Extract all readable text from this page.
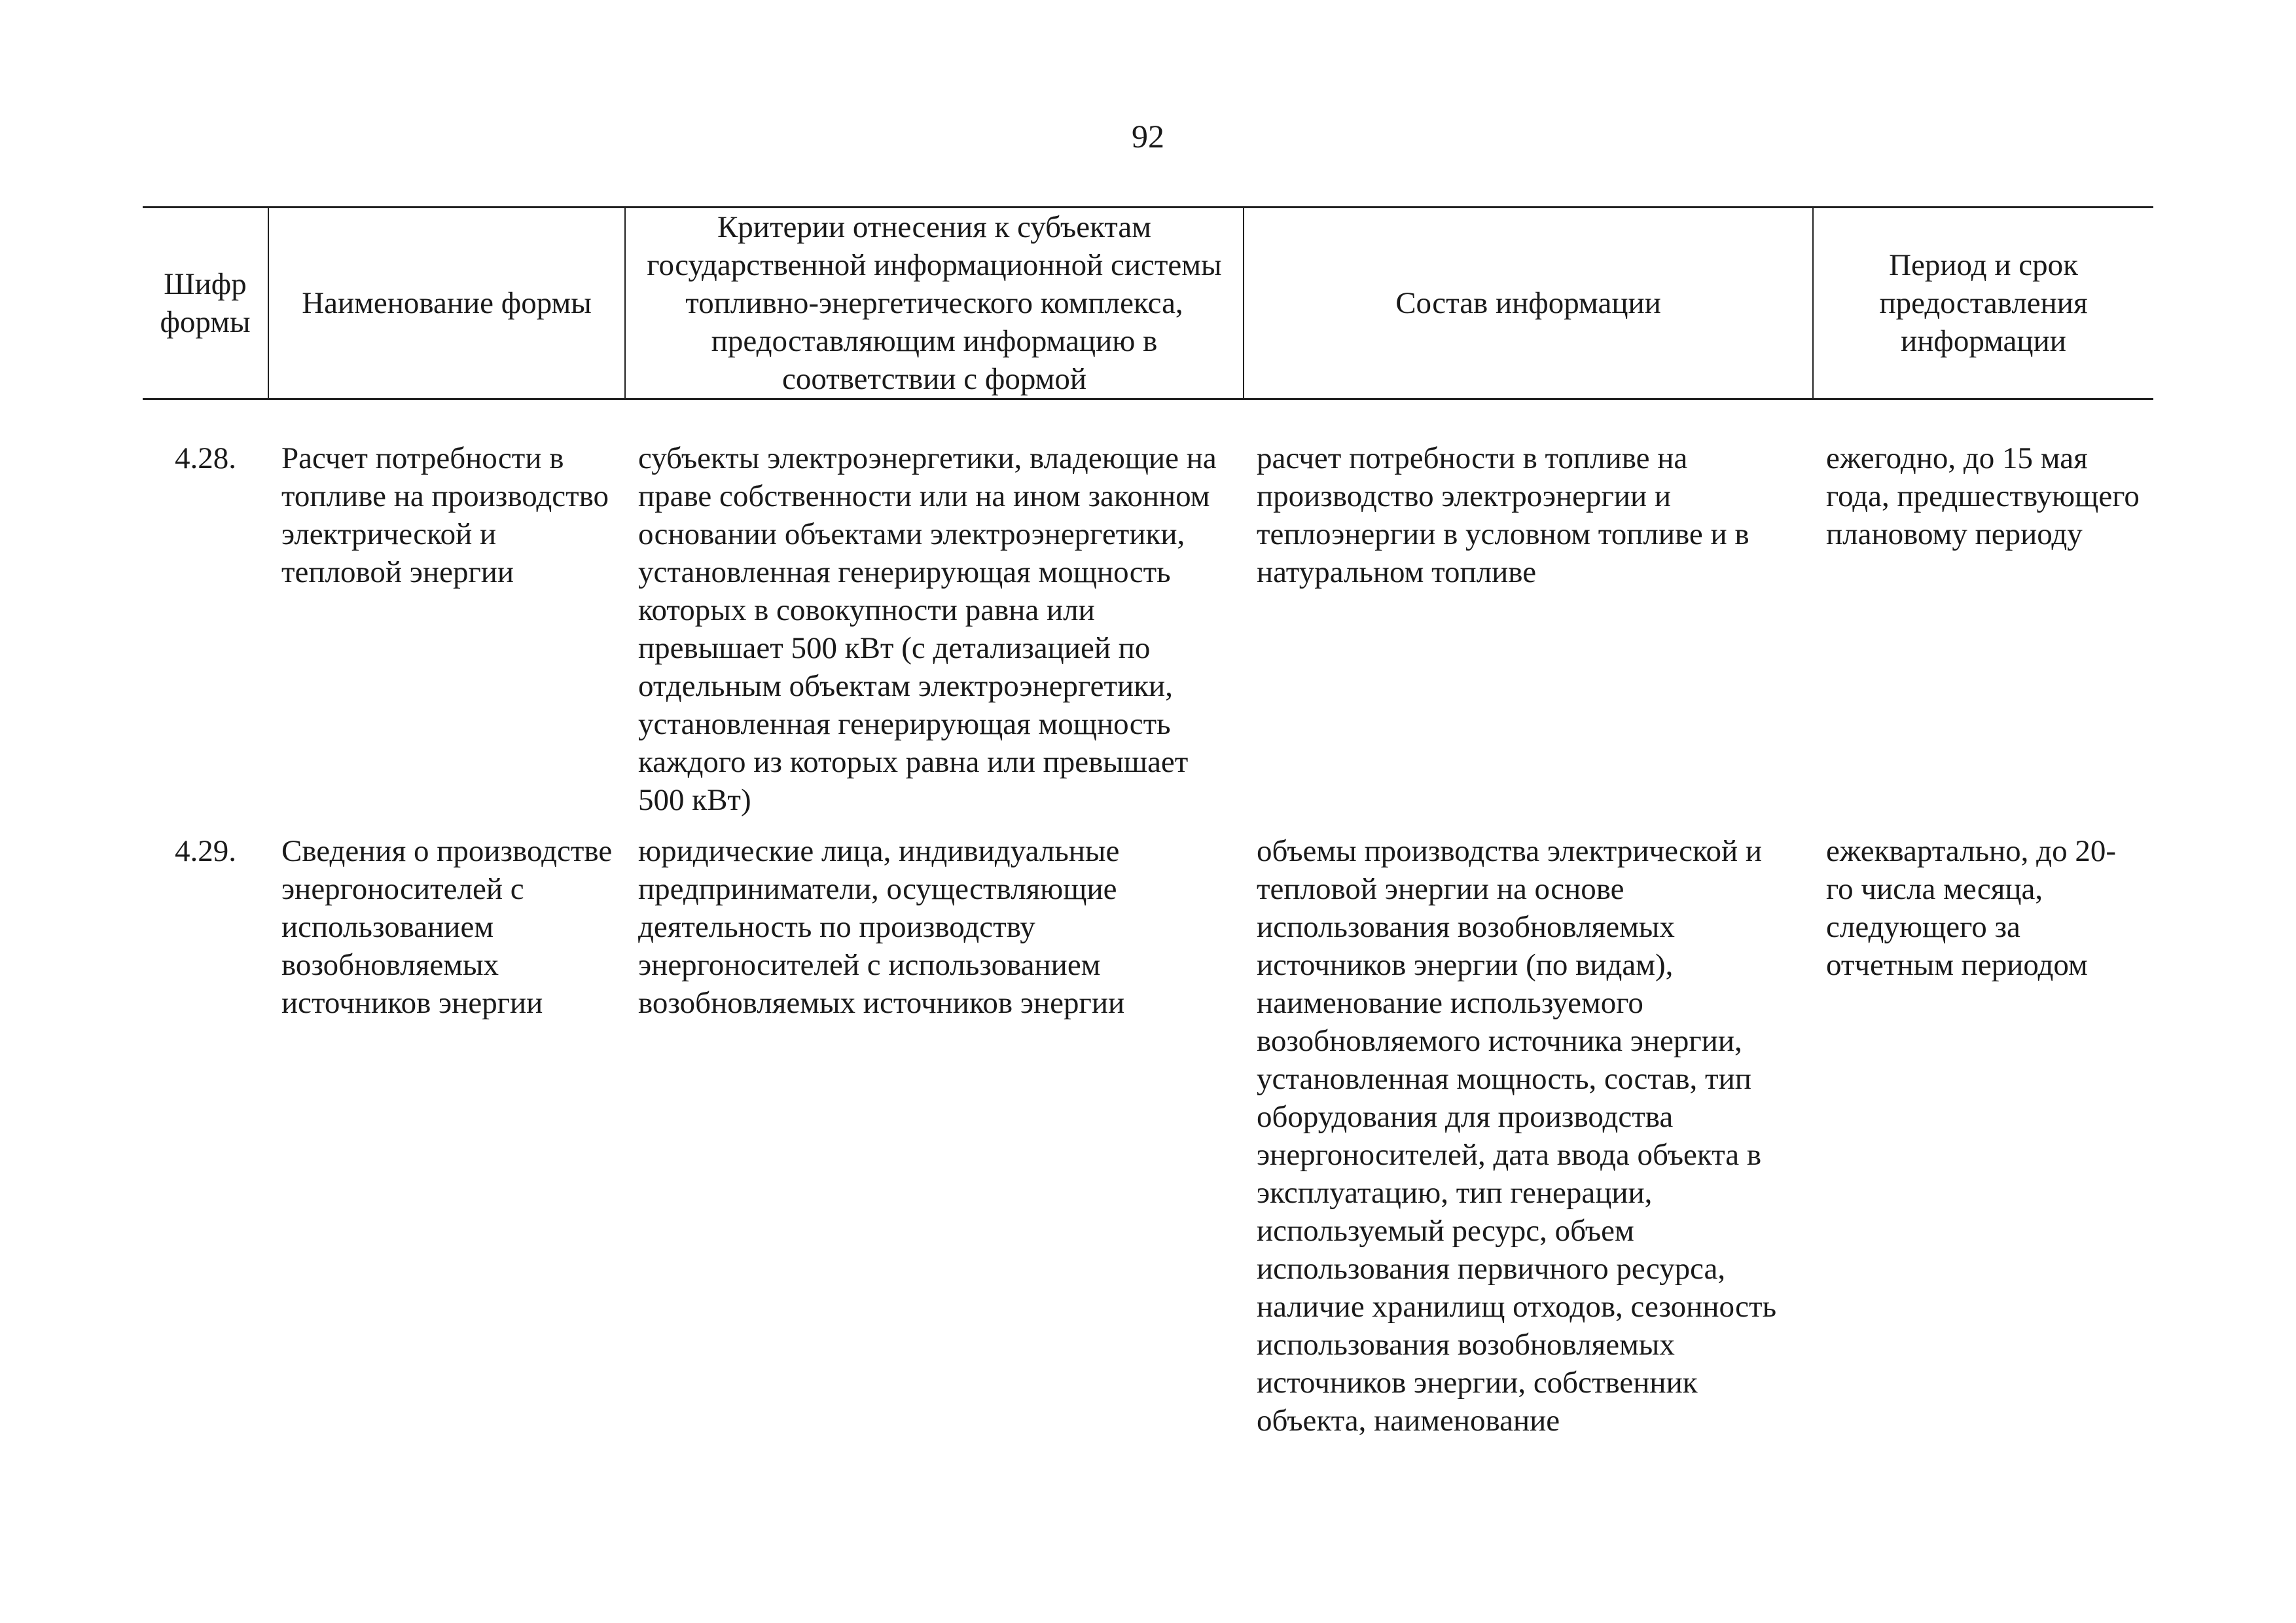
92
Шифр формы	Наименование формы	Критерии отнесения к субъектам государственной информационной системы топливно-энергетического комплекса, предоставляющим информацию в соответствии с формой	Состав информации	Период и срок предоставления информации
4.28.	Расчет потребности в топливе на производство электрической и тепловой энергии	субъекты электроэнергетики, владеющие на праве собственности или на ином законном основании объектами электроэнергетики, установленная генерирующая мощность которых в совокупности равна или превышает 500 кВт (с детализацией по отдельным объектам электроэнергетики, установленная генерирующая мощность каждого из которых равна или превышает 500 кВт)	расчет потребности в топливе на производство электроэнергии и теплоэнергии в условном топливе и в натуральном топливе	ежегодно, до 15 мая года, предшествующего плановому периоду
4.29.	Сведения о производстве энергоносителей с использованием возобновляемых источников энергии	юридические лица, индивидуальные предприниматели, осуществляющие деятельность по производству энергоносителей с использованием возобновляемых источников энергии	объемы производства электрической и тепловой энергии на основе использования возобновляемых источников энергии (по видам), наименование используемого возобновляемого источника энергии, установленная мощность, состав, тип оборудования для производства энергоносителей, дата ввода объекта в эксплуатацию, тип генерации, используемый ресурс, объем использования первичного ресурса, наличие хранилищ отходов, сезонность использования возобновляемых источников энергии, собственник объекта, наименование	ежеквартально, до 20-го числа месяца, следующего за отчетным периодом
